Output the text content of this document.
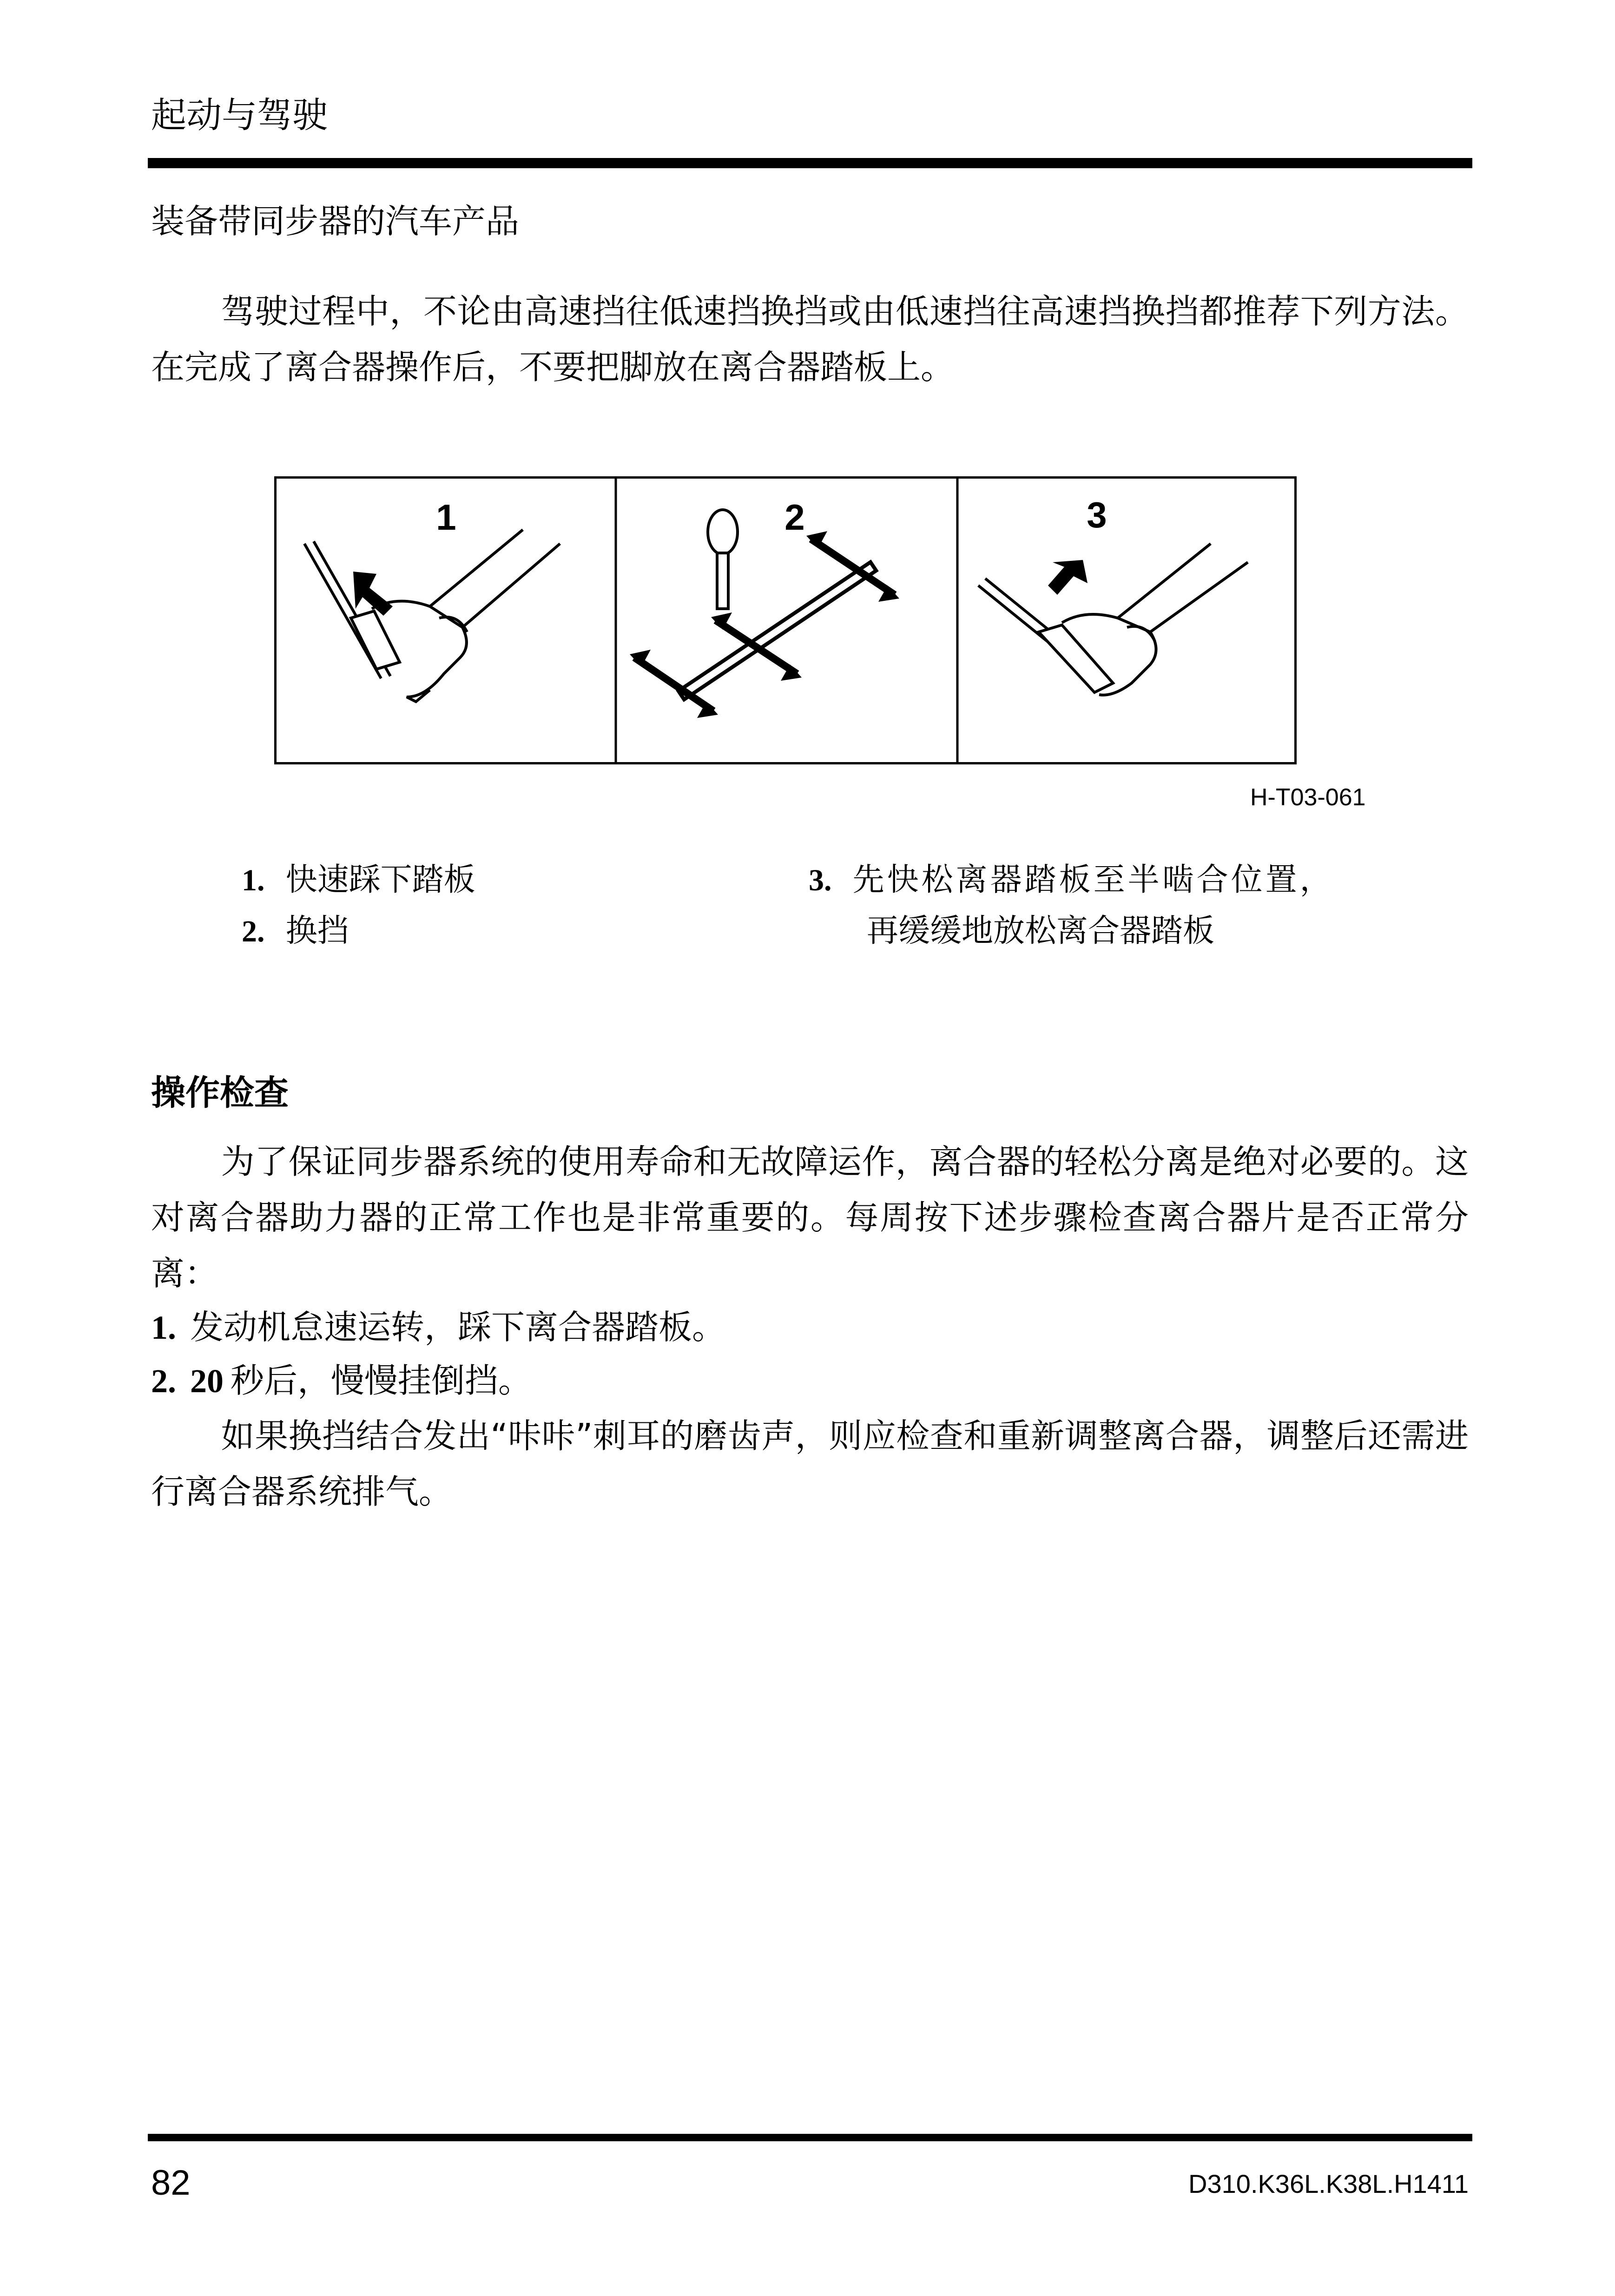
起动与驾驶
装备带同步器的汽车产品
驾驶过程中，不论由高速挡往低速挡换挡或由低速挡往高速挡换挡都推荐下列方法。在完成了离合器操作后，不要把脚放在离合器踏板上。
1	2	3
H-T03-061
1. 快速踩下踏板
2. 换挡
3. 先快松离器踏板至半啮合位置，
再缓缓地放松离合器踏板
操作检查
为了保证同步器系统的使用寿命和无故障运作，离合器的轻松分离是绝对必要的。这对离合器助力器的正常工作也是非常重要的。每周按下述步骤检查离合器片是否正常分离：
1. 发动机怠速运转，踩下离合器踏板。
2. 20 秒后，慢慢挂倒挡。
如果换挡结合发出“咔咔”刺耳的磨齿声，则应检查和重新调整离合器，调整后还需进行离合器系统排气。
82	D310.K36L.K38L.H1411
